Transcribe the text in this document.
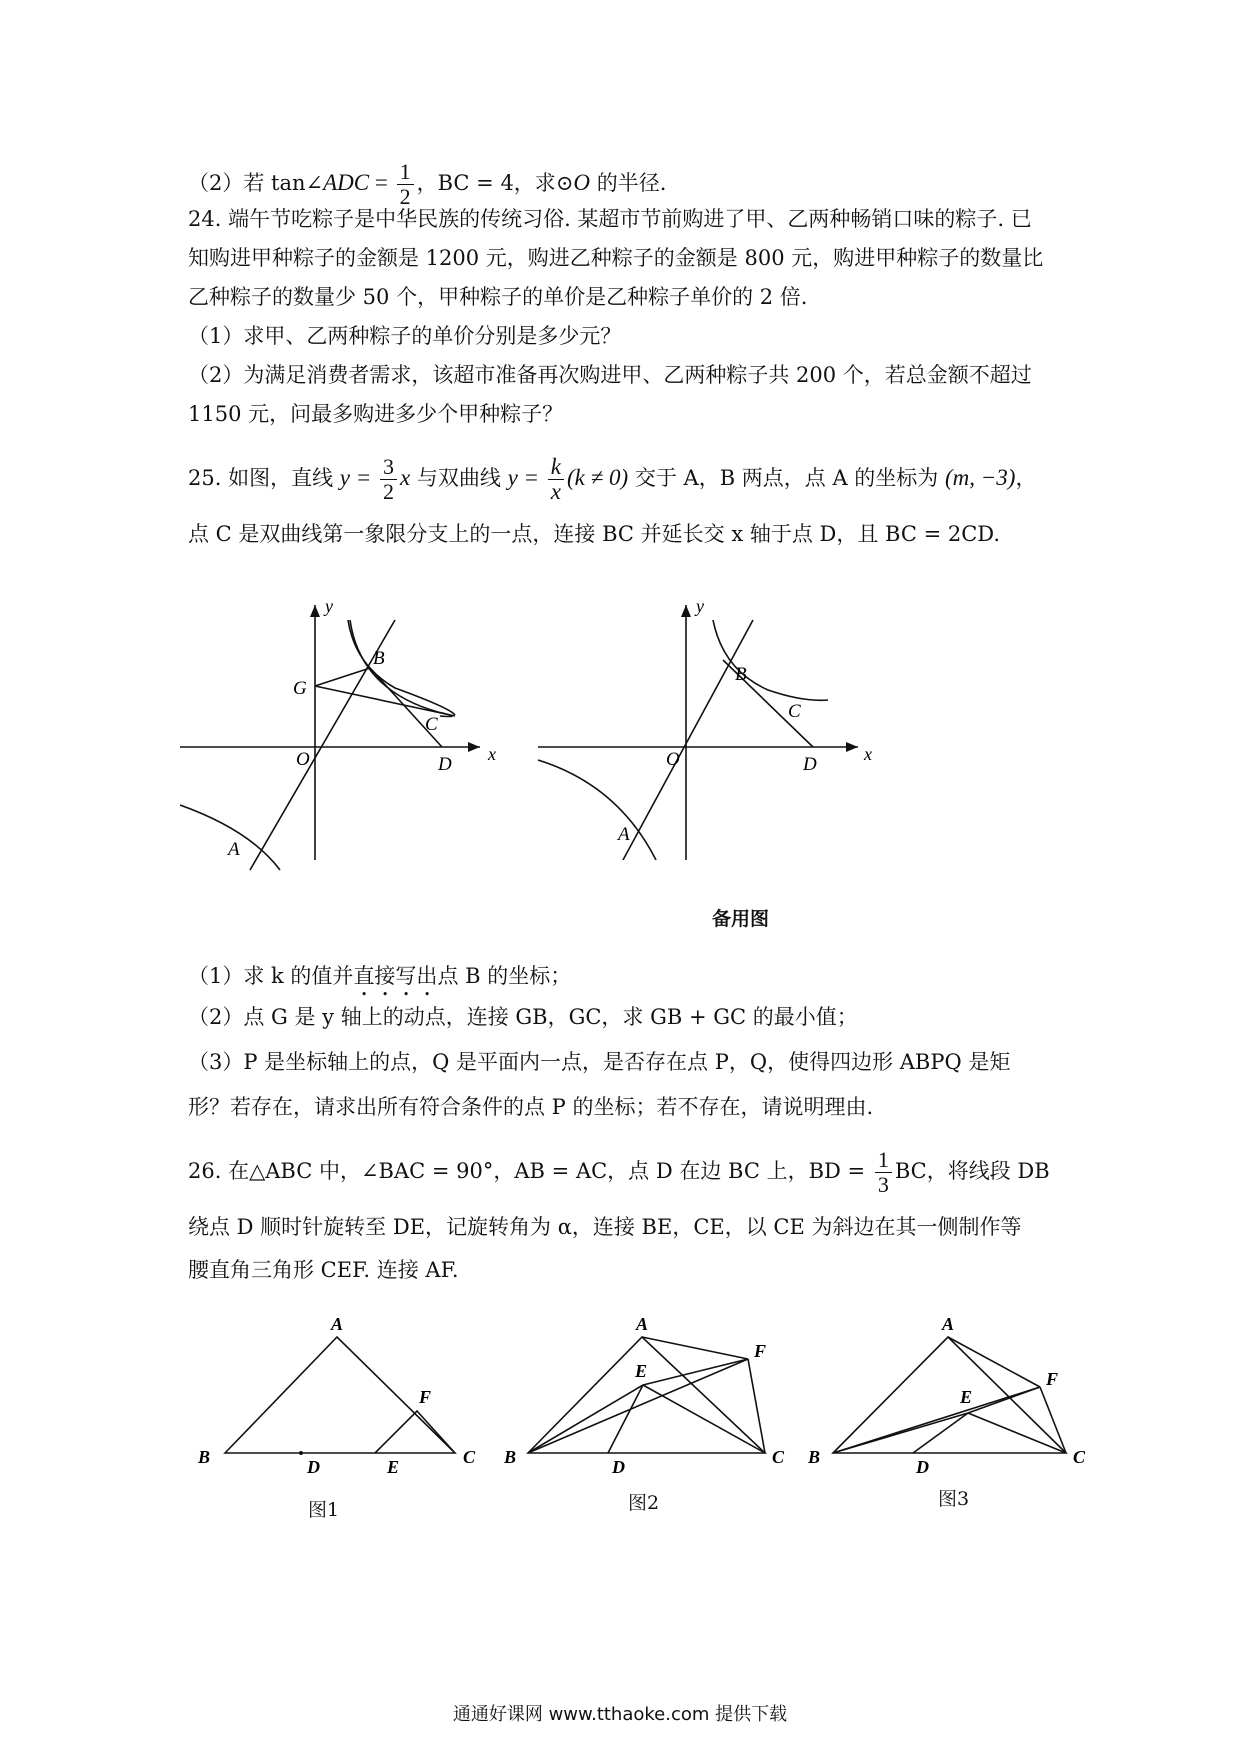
（2）若 tan∠ADC = $\frac{1}{2}$ ，BC = 4，求⊙O 的半径.
24. 端午节吃粽子是中华民族的传统习俗. 某超市节前购进了甲、乙两种畅销口味的粽子. 已
知购进甲种粽子的金额是 1200 元，购进乙种粽子的金额是 800 元，购进甲种粽子的数量比
乙种粽子的数量少 50 个，甲种粽子的单价是乙种粽子单价的 2 倍.
（1）求甲、乙两种粽子的单价分别是多少元？
（2）为满足消费者需求，该超市准备再次购进甲、乙两种粽子共 200 个，若总金额不超过
1150 元，问最多购进多少个甲种粽子？
25. 如图，直线 $y = \frac{3}{2}$ x 与双曲线 $y = \frac{k}{x} (k \ne 0)$ 交于 A，B 两点，点 A 的坐标为 (m, −3)，
点 C 是双曲线第一象限分支上的一点，连接 BC 并延长交 x 轴于点 D，且 BC = 2CD.
y
x
O
G
B
C
D
A
y
x
O
B
C
D
A
备用图
（1）求 k 的值并直接写出点 B 的坐标；
（2）点 G 是 y 轴上的动点，连接 GB，GC，求 GB + GC 的最小值；
（3）P 是坐标轴上的点，Q 是平面内一点，是否存在点 P，Q，使得四边形 ABPQ 是矩
形？若存在，请求出所有符合条件的点 P 的坐标；若不存在，请说明理由.
26. 在△ABC 中，∠BAC = 90°，AB = AC，点 D 在边 BC 上，BD = $\frac{1}{3}$ BC，将线段 DB
绕点 D 顺时针旋转至 DE，记旋转角为 α，连接 BE，CE，以 CE 为斜边在其一侧制作等
腰直角三角形 CEF. 连接 AF.
A
B	C
D	E
F
图1
A
B	C
D
E
F
图2
A
B	C
D
E
F
图3
通通好课网 www.tthaoke.com 提供下载
